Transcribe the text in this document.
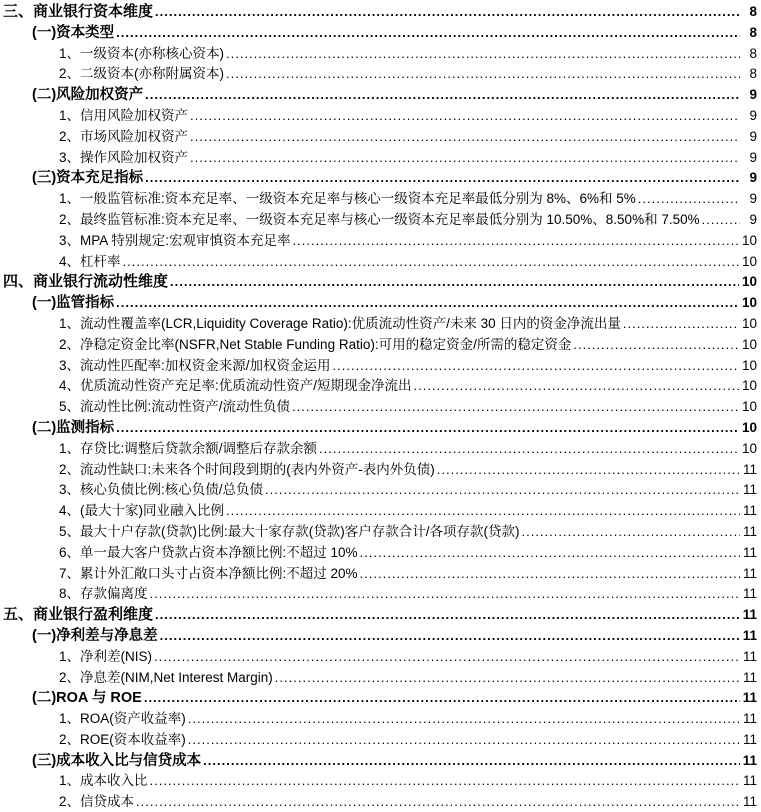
三、商业银行资本维度 .....	8
(一)资本类型 .....	8
1、一级资本(亦称核心资本) .....	8
2、二级资本(亦称附属资本) .....	8
(二)风险加权资产 .....	9
1、信用风险加权资产 .....	9
2、市场风险加权资产 .....	9
3、操作风险加权资产 .....	9
(三)资本充足指标 .....	9
1、一般监管标准:资本充足率、一级资本充足率与核心一级资本充足率最低分别为 8%、6%和 5% .....	9
2、最终监管标准:资本充足率、一级资本充足率与核心一级资本充足率最低分别为 10.50%、8.50%和 7.50% .....	9
3、MPA 特别规定:宏观审慎资本充足率 .....	10
4、杠杆率 .....	10
四、商业银行流动性维度 .....	10
(一)监管指标 .....	10
1、流动性覆盖率(LCR,Liquidity Coverage Ratio):优质流动性资产/未来 30 日内的资金净流出量 .....	10
2、净稳定资金比率(NSFR,Net Stable Funding Ratio):可用的稳定资金/所需的稳定资金 .....	10
3、流动性匹配率:加权资金来源/加权资金运用 .....	10
4、优质流动性资产充足率:优质流动性资产/短期现金净流出 .....	10
5、流动性比例:流动性资产/流动性负债 .....	10
(二)监测指标 .....	10
1、存贷比:调整后贷款余额/调整后存款余额 .....	10
2、流动性缺口:未来各个时间段到期的(表内外资产-表内外负债) .....	11
3、核心负债比例:核心负债/总负债 .....	11
4、(最大十家)同业融入比例 .....	11
5、最大十户存款(贷款)比例:最大十家存款(贷款)客户存款合计/各项存款(贷款) .....	11
6、单一最大客户贷款占资本净额比例:不超过 10% .....	11
7、累计外汇敞口头寸占资本净额比例:不超过 20% .....	11
8、存款偏离度 .....	11
五、商业银行盈利维度 .....	11
(一)净利差与净息差 .....	11
1、净利差(NIS) .....	11
2、净息差(NIM,Net Interest Margin) .....	11
(二)ROA 与 ROE .....	11
1、ROA(资产收益率) .....	11
2、ROE(资本收益率) .....	11
(三)成本收入比与信贷成本 .....	11
1、成本收入比 .....	11
2、信贷成本 .....	11
